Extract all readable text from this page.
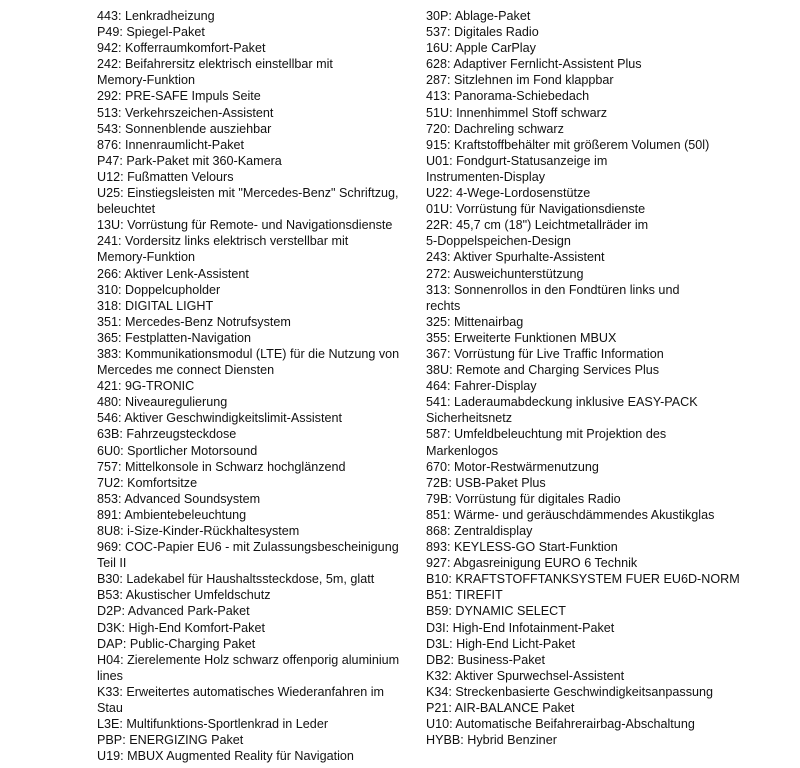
443: Lenkradheizung

P49: Spiegel-Paket

942: Kofferraumkomfort-Paket

242: Beifahrersitz elektrisch einstellbar mit

Memory-Funktion

292: PRE-SAFE Impuls Seite

513: Verkehrszeichen-Assistent

543: Sonnenblende ausziehbar

876: Innenraumlicht-Paket

P47: Park-Paket mit 360-Kamera

U12: Fußmatten Velours

U25: Einstiegsleisten mit "Mercedes-Benz" Schriftzug,

beleuchtet

13U: Vorrüstung für Remote- und Navigationsdienste

241: Vordersitz links elektrisch verstellbar mit

Memory-Funktion

266: Aktiver Lenk-Assistent

310: Doppelcupholder

318: DIGITAL LIGHT

351: Mercedes-Benz Notrufsystem

365: Festplatten-Navigation

383: Kommunikationsmodul (LTE) für die Nutzung von

Mercedes me connect Diensten

421: 9G-TRONIC

480: Niveauregulierung

546: Aktiver Geschwindigkeitslimit-Assistent

63B: Fahrzeugsteckdose

6U0: Sportlicher Motorsound

757: Mittelkonsole in Schwarz hochglänzend

7U2: Komfortsitze

853: Advanced Soundsystem

891: Ambientebeleuchtung

8U8: i-Size-Kinder-Rückhaltesystem

969: COC-Papier EU6 - mit Zulassungsbescheinigung

Teil II

B30: Ladekabel für Haushaltssteckdose, 5m, glatt

B53: Akustischer Umfeldschutz

D2P: Advanced Park-Paket

D3K: High-End Komfort-Paket

DAP: Public-Charging Paket

H04: Zierelemente Holz schwarz offenporig aluminium

lines

K33: Erweitertes automatisches Wiederanfahren im

Stau

L3E: Multifunktions-Sportlenkrad in Leder

PBP: ENERGIZING Paket

U19: MBUX Augmented Reality für Navigation

30P: Ablage-Paket

537: Digitales Radio

16U: Apple CarPlay

628: Adaptiver Fernlicht-Assistent Plus

287: Sitzlehnen im Fond klappbar

413: Panorama-Schiebedach

51U: Innenhimmel Stoff schwarz

720: Dachreling schwarz

915: Kraftstoffbehälter mit größerem Volumen (50l)

U01: Fondgurt-Statusanzeige im

Instrumenten-Display

U22: 4-Wege-Lordosenstütze

01U: Vorrüstung für Navigationsdienste

22R: 45,7 cm (18") Leichtmetallräder im

5-Doppelspeichen-Design

243: Aktiver Spurhalte-Assistent

272: Ausweichunterstützung

313: Sonnenrollos in den Fondtüren links und

rechts

325: Mittenairbag

355: Erweiterte Funktionen MBUX

367: Vorrüstung für Live Traffic Information

38U: Remote and Charging Services Plus

464: Fahrer-Display

541: Laderaumabdeckung inklusive EASY-PACK

Sicherheitsnetz

587: Umfeldbeleuchtung mit Projektion des

Markenlogos

670: Motor-Restwärmenutzung

72B: USB-Paket Plus

79B: Vorrüstung für digitales Radio

851: Wärme- und geräuschdämmendes Akustikglas

868: Zentraldisplay

893: KEYLESS-GO Start-Funktion

927: Abgasreinigung EURO 6 Technik

B10: KRAFTSTOFFTANKSYSTEM FUER EU6D-NORM

B51: TIREFIT

B59: DYNAMIC SELECT

D3I: High-End Infotainment-Paket

D3L: High-End Licht-Paket

DB2: Business-Paket

K32: Aktiver Spurwechsel-Assistent

K34: Streckenbasierte Geschwindigkeitsanpassung

P21: AIR-BALANCE Paket

U10: Automatische Beifahrerairbag-Abschaltung

HYBB: Hybrid Benziner
